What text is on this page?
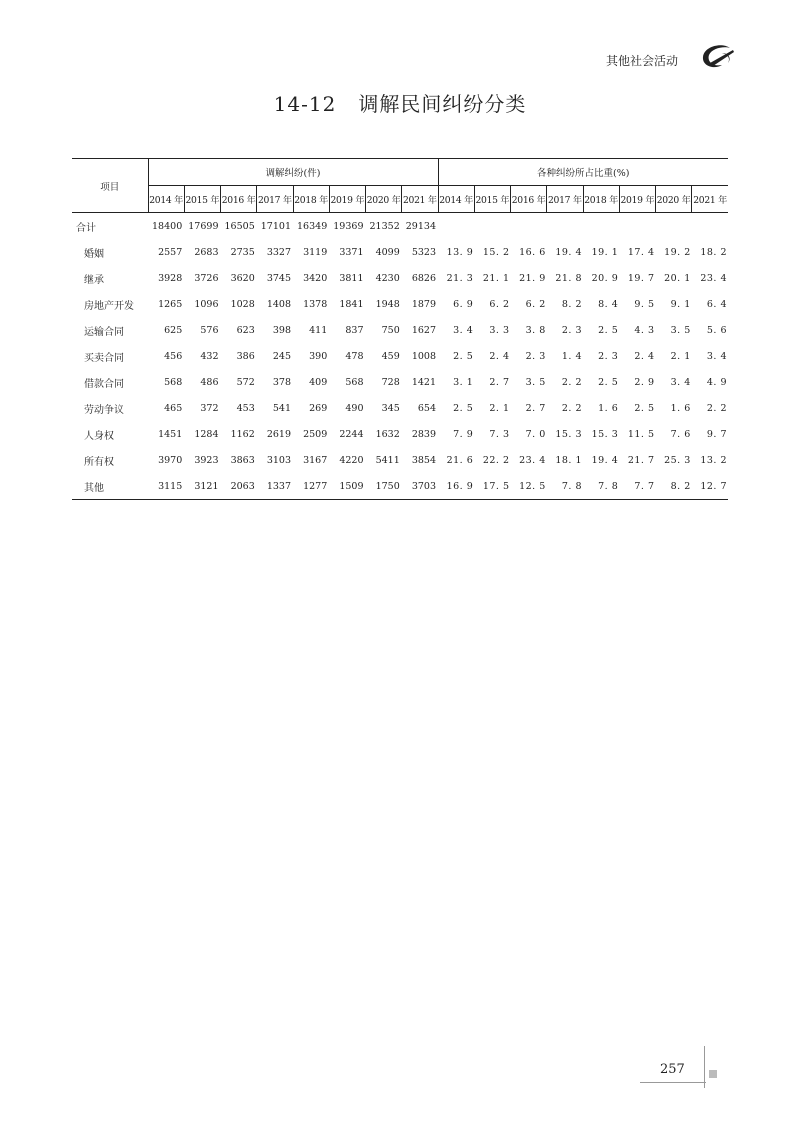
其他社会活动
14-12 调解民间纠纷分类
项目	调解纠纷(件)								各种纠纷所占比重(%)							
	2014 年	2015 年	2016 年	2017 年	2018 年	2019 年	2020 年	2021 年	2014 年	2015 年	2016 年	2017 年	2018 年	2019 年	2020 年	2021 年
合计	18400	17699	16505	17101	16349	19369	21352	29134								
婚姻	2557	2683	2735	3327	3119	3371	4099	5323	13. 9	15. 2	16. 6	19. 4	19. 1	17. 4	19. 2	18. 2
继承	3928	3726	3620	3745	3420	3811	4230	6826	21. 3	21. 1	21. 9	21. 8	20. 9	19. 7	20. 1	23. 4
房地产开发	1265	1096	1028	1408	1378	1841	1948	1879	6. 9	6. 2	6. 2	8. 2	8. 4	9. 5	9. 1	6. 4
运输合同	625	576	623	398	411	837	750	1627	3. 4	3. 3	3. 8	2. 3	2. 5	4. 3	3. 5	5. 6
买卖合同	456	432	386	245	390	478	459	1008	2. 5	2. 4	2. 3	1. 4	2. 3	2. 4	2. 1	3. 4
借款合同	568	486	572	378	409	568	728	1421	3. 1	2. 7	3. 5	2. 2	2. 5	2. 9	3. 4	4. 9
劳动争议	465	372	453	541	269	490	345	654	2. 5	2. 1	2. 7	2. 2	1. 6	2. 5	1. 6	2. 2
人身权	1451	1284	1162	2619	2509	2244	1632	2839	7. 9	7. 3	7. 0	15. 3	15. 3	11. 5	7. 6	9. 7
所有权	3970	3923	3863	3103	3167	4220	5411	3854	21. 6	22. 2	23. 4	18. 1	19. 4	21. 7	25. 3	13. 2
其他	3115	3121	2063	1337	1277	1509	1750	3703	16. 9	17. 5	12. 5	7. 8	7. 8	7. 7	8. 2	12. 7
257
